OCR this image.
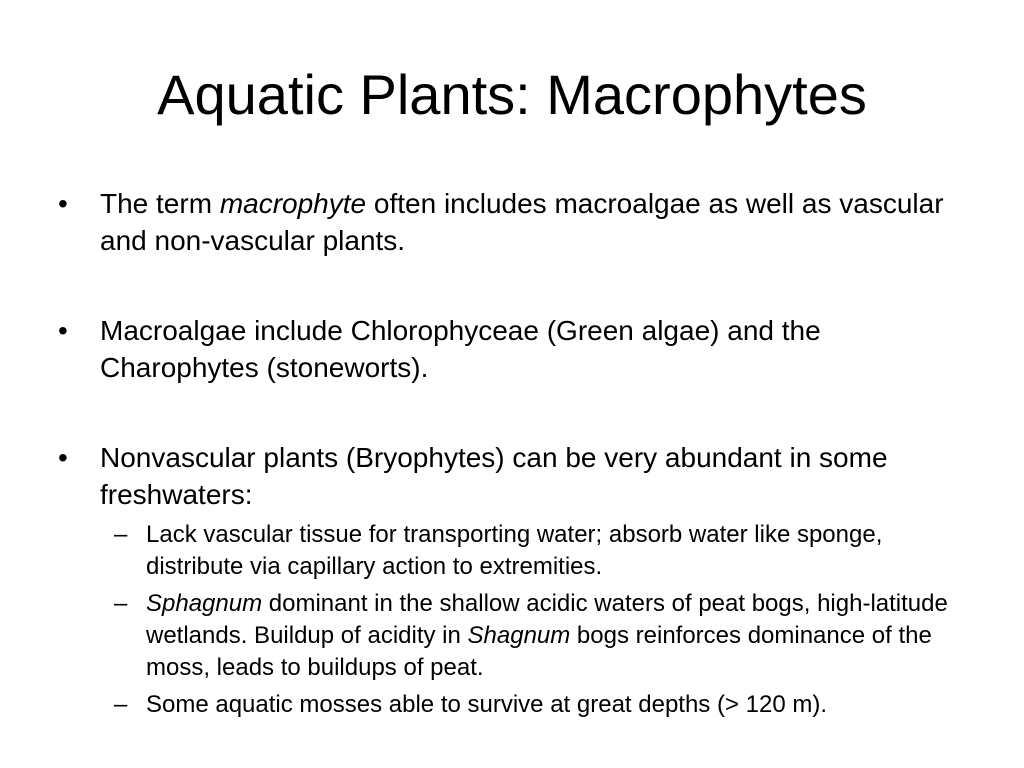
Aquatic Plants: Macrophytes
•	The term macrophyte often includes macroalgae as well as vascular and non-vascular plants.
•	Macroalgae include Chlorophyceae (Green algae) and the Charophytes (stoneworts).
•	Nonvascular plants (Bryophytes) can be very abundant in some freshwaters:
– Lack vascular tissue for transporting water; absorb water like sponge, distribute via capillary action to extremities.
– Sphagnum dominant in the shallow acidic waters of peat bogs, high-latitude wetlands. Buildup of acidity in Shagnum bogs reinforces dominance of the moss, leads to buildups of peat.
– Some aquatic mosses able to survive at great depths (> 120 m).
